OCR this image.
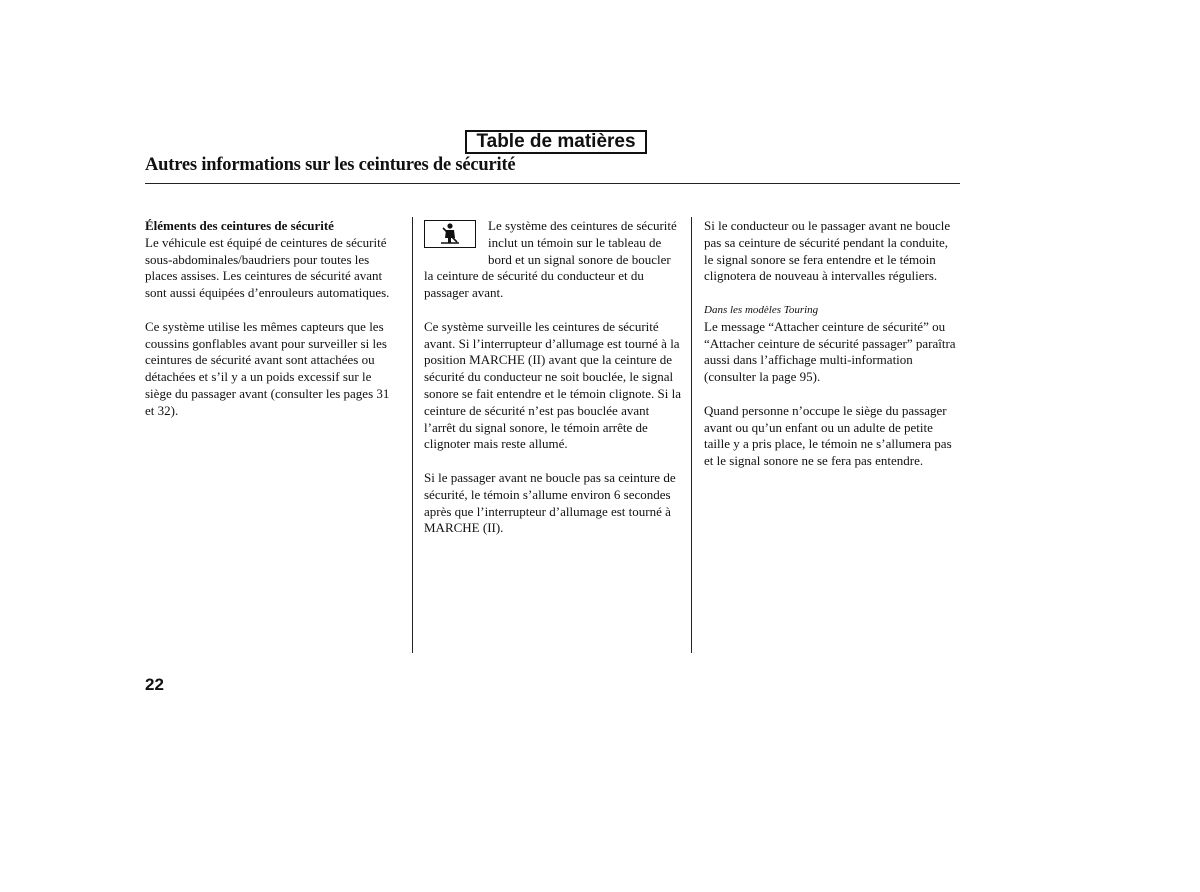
Table de matières
Autres informations sur les ceintures de sécurité

Éléments des ceintures de sécurité
Le véhicule est équipé de ceintures de sécurité sous-abdominales/baudriers pour toutes les places assises. Les ceintures de sécurité avant sont aussi équipées d’enrouleurs automatiques.

Ce système utilise les mêmes capteurs que les coussins gonflables avant pour surveiller si les ceintures de sécurité avant sont attachées ou détachées et s’il y a un poids excessif sur le siège du passager avant (consulter les pages 31 et 32).

Le système des ceintures de sécurité inclut un témoin sur le tableau de bord et un signal sonore de boucler la ceinture de sécurité du conducteur et du passager avant.

Ce système surveille les ceintures de sécurité avant. Si l’interrupteur d’allumage est tourné à la position MARCHE (II) avant que la ceinture de sécurité du conducteur ne soit bouclée, le signal sonore se fait entendre et le témoin clignote. Si la ceinture de sécurité n’est pas bouclée avant l’arrêt du signal sonore, le témoin arrête de clignoter mais reste allumé.

Si le passager avant ne boucle pas sa ceinture de sécurité, le témoin s’allume environ 6 secondes après que l’interrupteur d’allumage est tourné à MARCHE (II).

Si le conducteur ou le passager avant ne boucle pas sa ceinture de sécurité pendant la conduite, le signal sonore se fera entendre et le témoin clignotera de nouveau à intervalles réguliers.

Dans les modèles Touring
Le message “Attacher ceinture de sécurité” ou “Attacher ceinture de sécurité passager” paraîtra aussi dans l’affichage multi-information (consulter la page 95).

Quand personne n’occupe le siège du passager avant ou qu’un enfant ou un adulte de petite taille y a pris place, le témoin ne s’allumera pas et le signal sonore ne se fera pas entendre.

22
